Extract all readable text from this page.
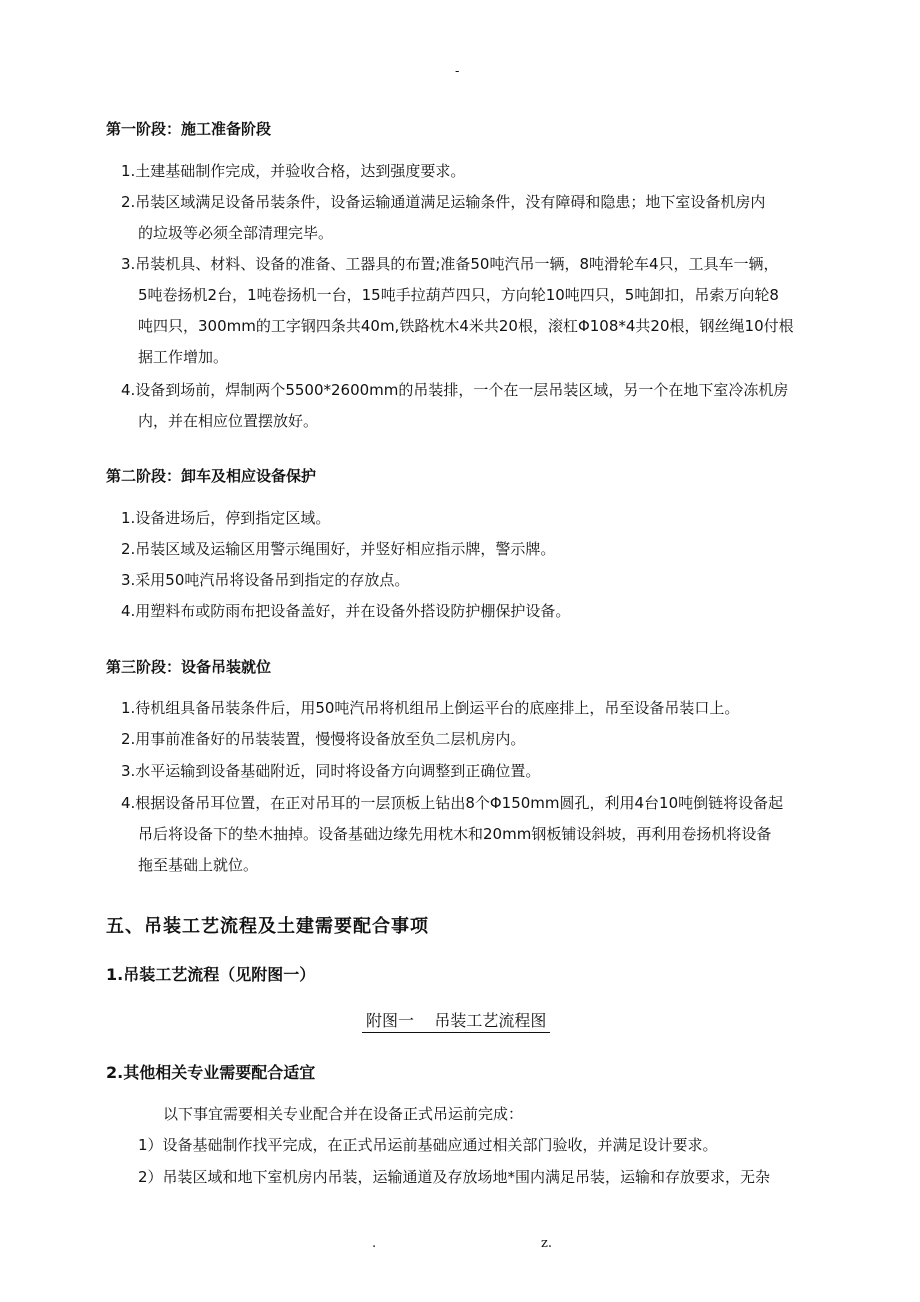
-
第一阶段：施工准备阶段
1.土建基础制作完成，并验收合格，达到强度要求。
2.吊装区域满足设备吊装条件，设备运输通道满足运输条件，没有障碍和隐患；地下室设备机房内
的垃圾等必须全部清理完毕。
3.吊装机具、材料、设备的准备、工器具的布置;准备50吨汽吊一辆，8吨滑轮车4只，工具车一辆，
5吨卷扬机2台，1吨卷扬机一台，15吨手拉葫芦四只，方向轮10吨四只，5吨卸扣，吊索万向轮8
吨四只，300mm的工字钢四条共40m,铁路枕木4米共20根，滚杠Φ108*4共20根，钢丝绳10付根
据工作增加。
4.设备到场前，焊制两个5500*2600mm的吊装排，一个在一层吊装区域，另一个在地下室冷冻机房
内，并在相应位置摆放好。
第二阶段：卸车及相应设备保护
1.设备进场后，停到指定区域。
2.吊装区域及运输区用警示绳围好，并竖好相应指示牌，警示牌。
3.采用50吨汽吊将设备吊到指定的存放点。
4.用塑料布或防雨布把设备盖好，并在设备外搭设防护棚保护设备。
第三阶段：设备吊装就位
1.待机组具备吊装条件后，用50吨汽吊将机组吊上倒运平台的底座排上，吊至设备吊装口上。
2.用事前准备好的吊装装置，慢慢将设备放至负二层机房内。
3.水平运输到设备基础附近，同时将设备方向调整到正确位置。
4.根据设备吊耳位置，在正对吊耳的一层顶板上钻出8个Φ150mm圆孔，利用4台10吨倒链将设备起
吊后将设备下的垫木抽掉。设备基础边缘先用枕木和20mm钢板铺设斜坡，再利用卷扬机将设备
拖至基础上就位。
五、吊装工艺流程及土建需要配合事项
1.吊装工艺流程（见附图一）
附图一    吊装工艺流程图
2.其他相关专业需要配合适宜
以下事宜需要相关专业配合并在设备正式吊运前完成：
1）设备基础制作找平完成，在正式吊运前基础应通过相关部门验收，并满足设计要求。
2）吊装区域和地下室机房内吊装，运输通道及存放场地*围内满足吊装，运输和存放要求，无杂
.	z.
